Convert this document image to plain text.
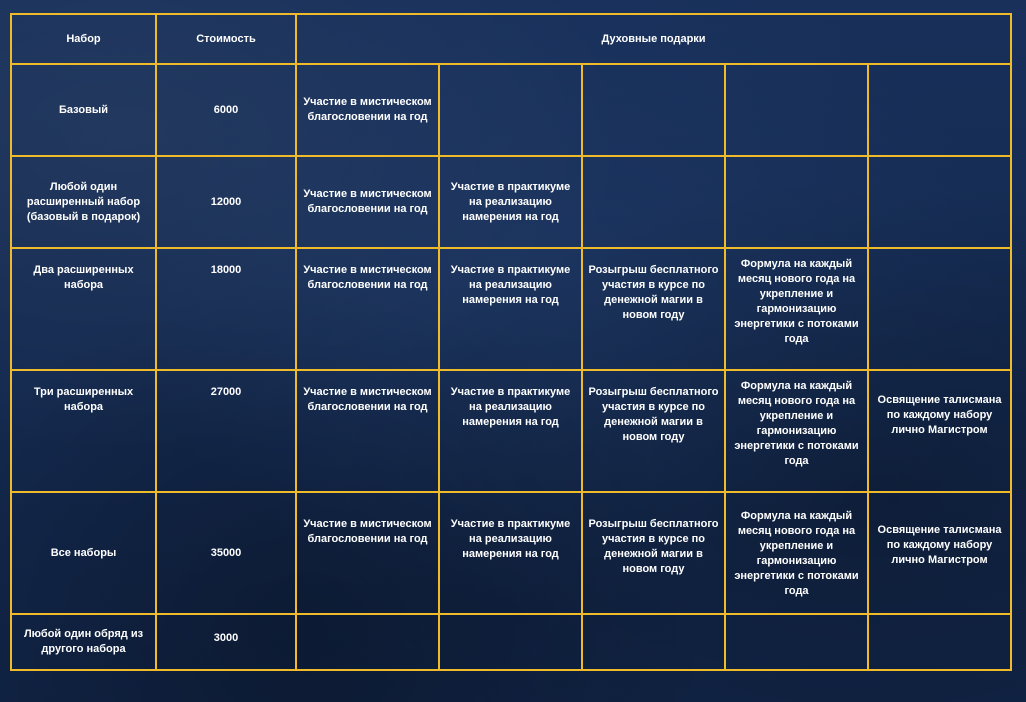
Набор	Стоимость	Духовные подарки				
Базовый	6000	Участие в мистическом благословении на год				
Любой один расширенный набор (базовый в подарок)	12000	Участие в мистическом благословении на год	Участие в практикуме на реализацию намерения на год			
Два расширенных набора	18000	Участие в мистическом благословении на год	Участие в практикуме на реализацию намерения на год	Розыгрыш бесплатного участия в курсе по денежной магии в новом году	Формула на каждый месяц нового года на укрепление и гармонизацию энергетики с потоками года	
Три расширенных набора	27000	Участие в мистическом благословении на год	Участие в практикуме на реализацию намерения на год	Розыгрыш бесплатного участия в курсе по денежной магии в новом году	Формула на каждый месяц нового года на укрепление и гармонизацию энергетики с потоками года	Освящение талисмана по каждому набору лично Магистром
Все наборы	35000	Участие в мистическом благословении на год	Участие в практикуме на реализацию намерения на год	Розыгрыш бесплатного участия в курсе по денежной магии в новом году	Формула на каждый месяц нового года на укрепление и гармонизацию энергетики с потоками года	Освящение талисмана по каждому набору лично Магистром
Любой один обряд из другого набора	3000					
